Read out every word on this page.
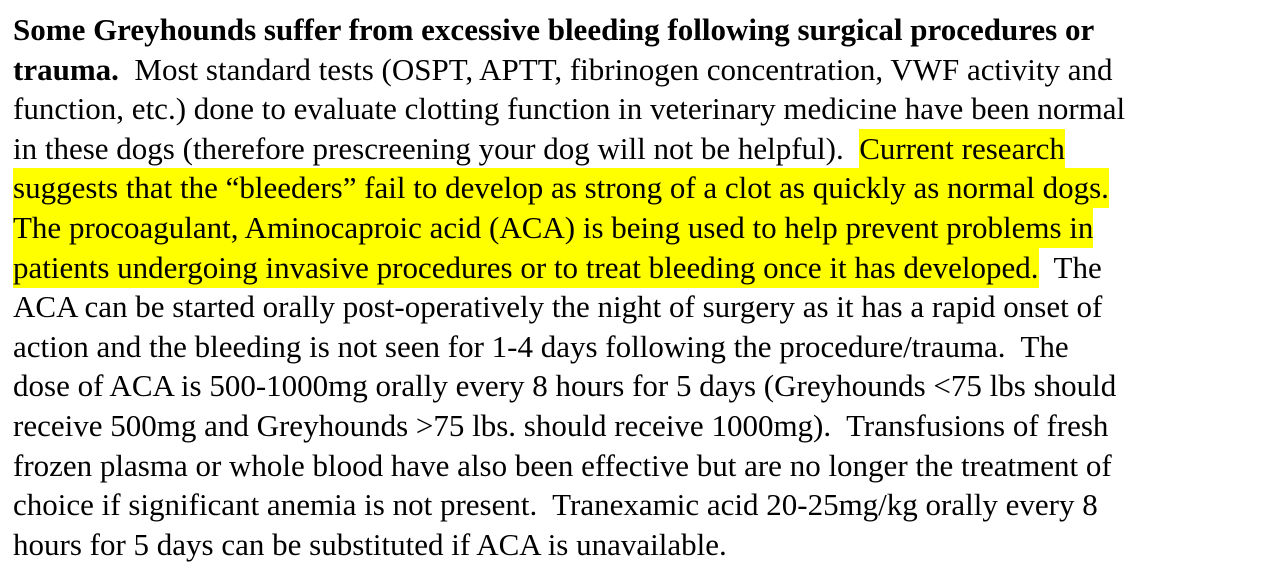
Some Greyhounds suffer from excessive bleeding following surgical procedures or
trauma.  Most standard tests (OSPT, APTT, fibrinogen concentration, VWF activity and
function, etc.) done to evaluate clotting function in veterinary medicine have been normal
in these dogs (therefore prescreening your dog will not be helpful).  Current research
suggests that the “bleeders” fail to develop as strong of a clot as quickly as normal dogs.
The procoagulant, Aminocaproic acid (ACA) is being used to help prevent problems in
patients undergoing invasive procedures or to treat bleeding once it has developed.  The
ACA can be started orally post-operatively the night of surgery as it has a rapid onset of
action and the bleeding is not seen for 1-4 days following the procedure/trauma.  The
dose of ACA is 500-1000mg orally every 8 hours for 5 days (Greyhounds <75 lbs should
receive 500mg and Greyhounds >75 lbs. should receive 1000mg).  Transfusions of fresh
frozen plasma or whole blood have also been effective but are no longer the treatment of
choice if significant anemia is not present.  Tranexamic acid 20-25mg/kg orally every 8
hours for 5 days can be substituted if ACA is unavailable.
